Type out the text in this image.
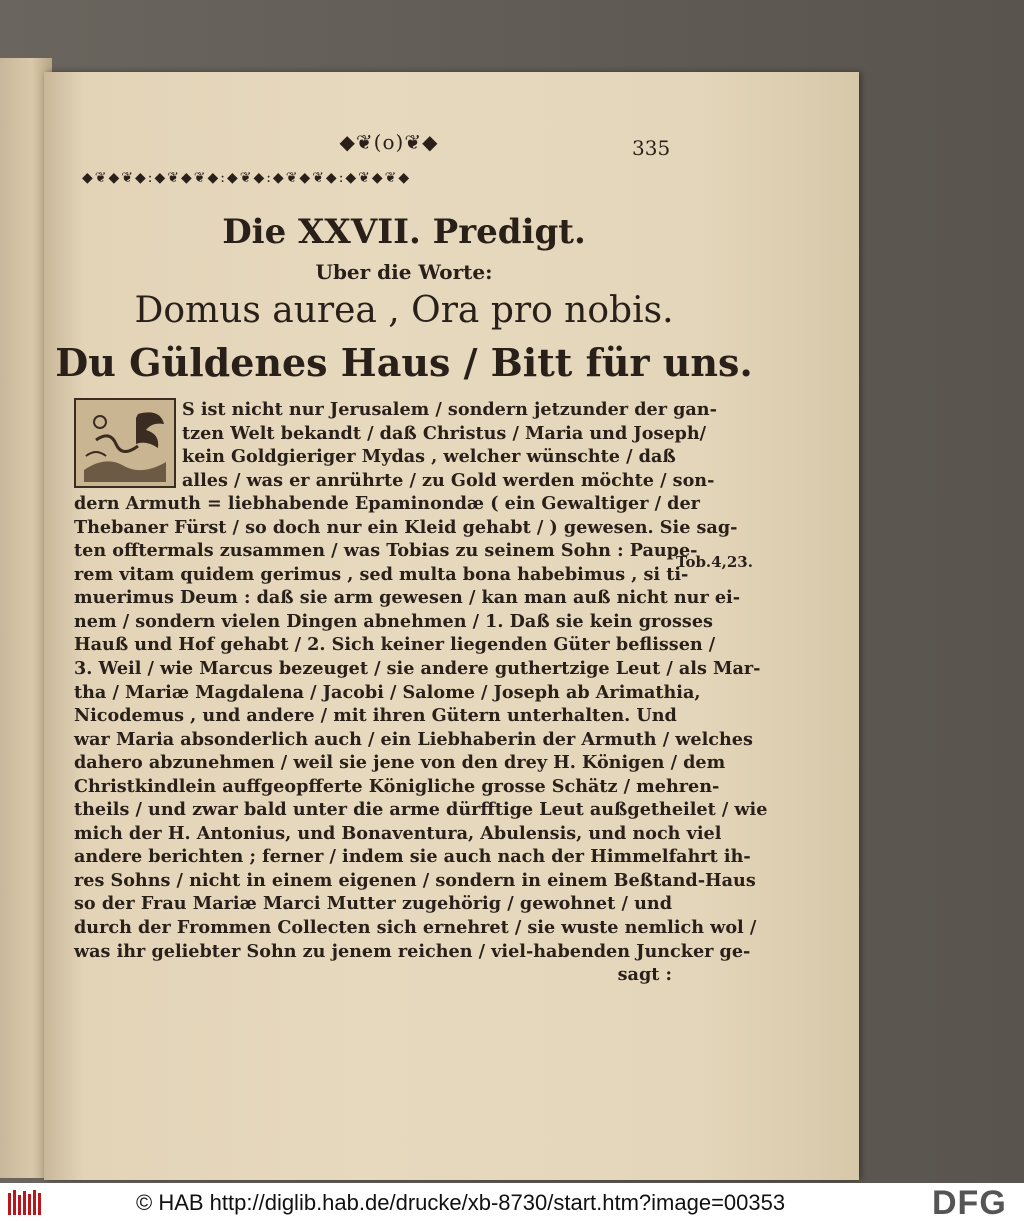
◆❦(o)❦◆	335
◆❦◆❦◆:◆❦◆❦◆:◆❦◆:◆❦◆❦◆:◆❦◆❦◆
Die XXVII. Predigt.
Uber die Worte:
Domus aurea , Ora pro nobis.
Du Güldenes Haus / Bitt für uns.
S ist nicht nur Jerusalem / sondern jetzunder der gan-
tzen Welt bekandt / daß Christus / Maria und Joseph/
kein Goldgieriger Mydas , welcher wünschte / daß
alles / was er anrührte / zu Gold werden möchte / son-
dern Armuth = liebhabende Epaminondæ ( ein Gewaltiger / der
Thebaner Fürst / so doch nur ein Kleid gehabt / ) gewesen. Sie sag-
ten offtermals zusammen / was Tobias zu seinem Sohn : Paupe-
rem vitam quidem gerimus , sed multa bona habebimus , si ti-
muerimus Deum : daß sie arm gewesen / kan man auß nicht nur ei-
nem / sondern vielen Dingen abnehmen / 1. Daß sie kein grosses
Hauß und Hof gehabt / 2. Sich keiner liegenden Güter beflissen /
3. Weil / wie Marcus bezeuget / sie andere guthertzige Leut / als Mar-
tha / Mariæ Magdalena / Jacobi / Salome / Joseph ab Arimathia,
Nicodemus , und andere / mit ihren Gütern unterhalten. Und
war Maria absonderlich auch / ein Liebhaberin der Armuth / welches
dahero abzunehmen / weil sie jene von den drey H. Königen / dem
Christkindlein auffgeopfferte Königliche grosse Schätz / mehren-
theils / und zwar bald unter die arme dürfftige Leut außgetheilet / wie
mich der H. Antonius, und Bonaventura, Abulensis, und noch viel
andere berichten ; ferner / indem sie auch nach der Himmelfahrt ih-
res Sohns / nicht in einem eigenen / sondern in einem Beßtand-Haus
so der Frau Mariæ Marci Mutter zugehörig / gewohnet / und
durch der Frommen Collecten sich ernehret / sie wuste nemlich wol /
was ihr geliebter Sohn zu jenem reichen / viel-habenden Juncker ge-
sagt :
Tob.4,23.
© HAB http://diglib.hab.de/drucke/xb-8730/start.htm?image=00353	DFG
